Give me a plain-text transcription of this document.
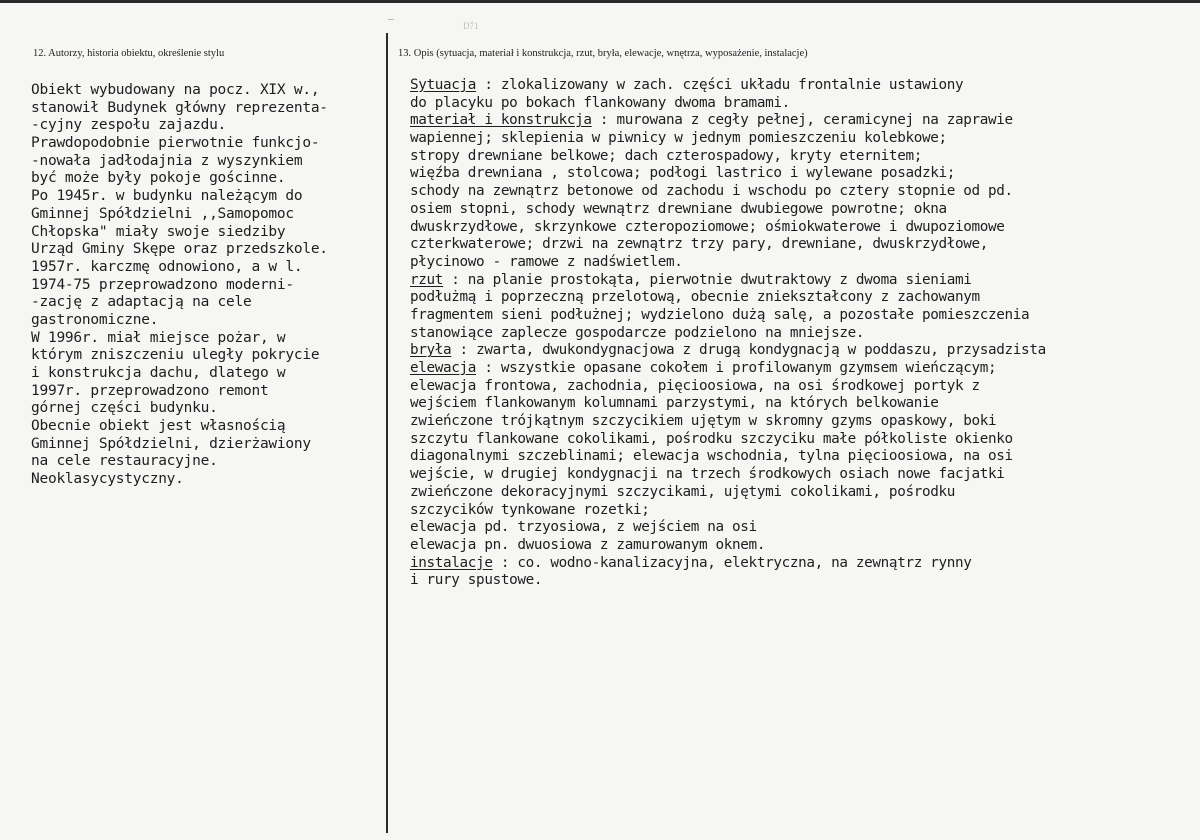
D71
12. Autorzy, historia obiektu, określenie stylu	13. Opis (sytuacja, materiał i konstrukcja, rzut, bryła, elewacje, wnętrza, wyposażenie, instalacje)
Obiekt wybudowany na pocz. XIX w.,
stanowił Budynek główny reprezenta-
-cyjny zespołu zajazdu.
Prawdopodobnie pierwotnie funkcjo-
-nowała jadłodajnia z wyszynkiem
być może były pokoje gościnne.
Po 1945r. w budynku należącym do
Gminnej Spółdzielni ,,Samopomoc
Chłopska" miały swoje siedziby
Urząd Gminy Skępe oraz przedszkole.
1957r. karczmę odnowiono, a w l.
1974-75 przeprowadzono moderni-
-zację z adaptacją na cele
gastronomiczne.
W 1996r. miał miejsce pożar, w
którym zniszczeniu uległy pokrycie
i konstrukcja dachu, dlatego w
1997r. przeprowadzono remont
górnej części budynku.
Obecnie obiekt jest własnością
Gminnej Spółdzielni, dzierżawiony
na cele restauracyjne.
Neoklasycystyczny.
Sytuacja : zlokalizowany w zach. części układu frontalnie ustawiony
do placyku po bokach flankowany dwoma bramami.
materiał i konstrukcja : murowana z cegły pełnej, ceramicynej na zaprawie
wapiennej; sklepienia w piwnicy w jednym pomieszczeniu kolebkowe;
stropy drewniane belkowe; dach czterospadowy, kryty eternitem;
więźba drewniana , stolcowa; podłogi lastrico i wylewane posadzki;
schody na zewnątrz betonowe od zachodu i wschodu po cztery stopnie od pd.
osiem stopni, schody wewnątrz drewniane dwubiegowe powrotne; okna
dwuskrzydłowe, skrzynkowe czteropoziomowe; ośmiokwaterowe i dwupoziomowe
czterkwaterowe; drzwi na zewnątrz trzy pary, drewniane, dwuskrzydłowe,
płycinowo - ramowe z nadświetlem.
rzut : na planie prostokąta, pierwotnie dwutraktowy z dwoma sieniami
podłużmą i poprzeczną przelotową, obecnie zniekształcony z zachowanym
fragmentem sieni podłużnej; wydzielono dużą salę, a pozostałe pomieszczenia
stanowiące zaplecze gospodarcze podzielono na mniejsze.
bryła : zwarta, dwukondygnacjowa z drugą kondygnacją w poddaszu, przysadzista
elewacja : wszystkie opasane cokołem i profilowanym gzymsem wieńczącym;
elewacja frontowa, zachodnia, pięcioosiowa, na osi środkowej portyk z
wejściem flankowanym kolumnami parzystymi, na których belkowanie
zwieńczone trójkątnym szczycikiem ujętym w skromny gzyms opaskowy, boki
szczytu flankowane cokolikami, pośrodku szczyciku małe półkoliste okienko
diagonalnymi szczeblinami; elewacja wschodnia, tylna pięcioosiowa, na osi
wejście, w drugiej kondygnacji na trzech środkowych osiach nowe facjatki
zwieńczone dekoracyjnymi szczycikami, ujętymi cokolikami, pośrodku
szczycików tynkowane rozetki;
elewacja pd. trzyosiowa, z wejściem na osi
elewacja pn. dwuosiowa z zamurowanym oknem.
instalacje : co. wodno-kanalizacyjna, elektryczna, na zewnątrz rynny
i rury spustowe.
